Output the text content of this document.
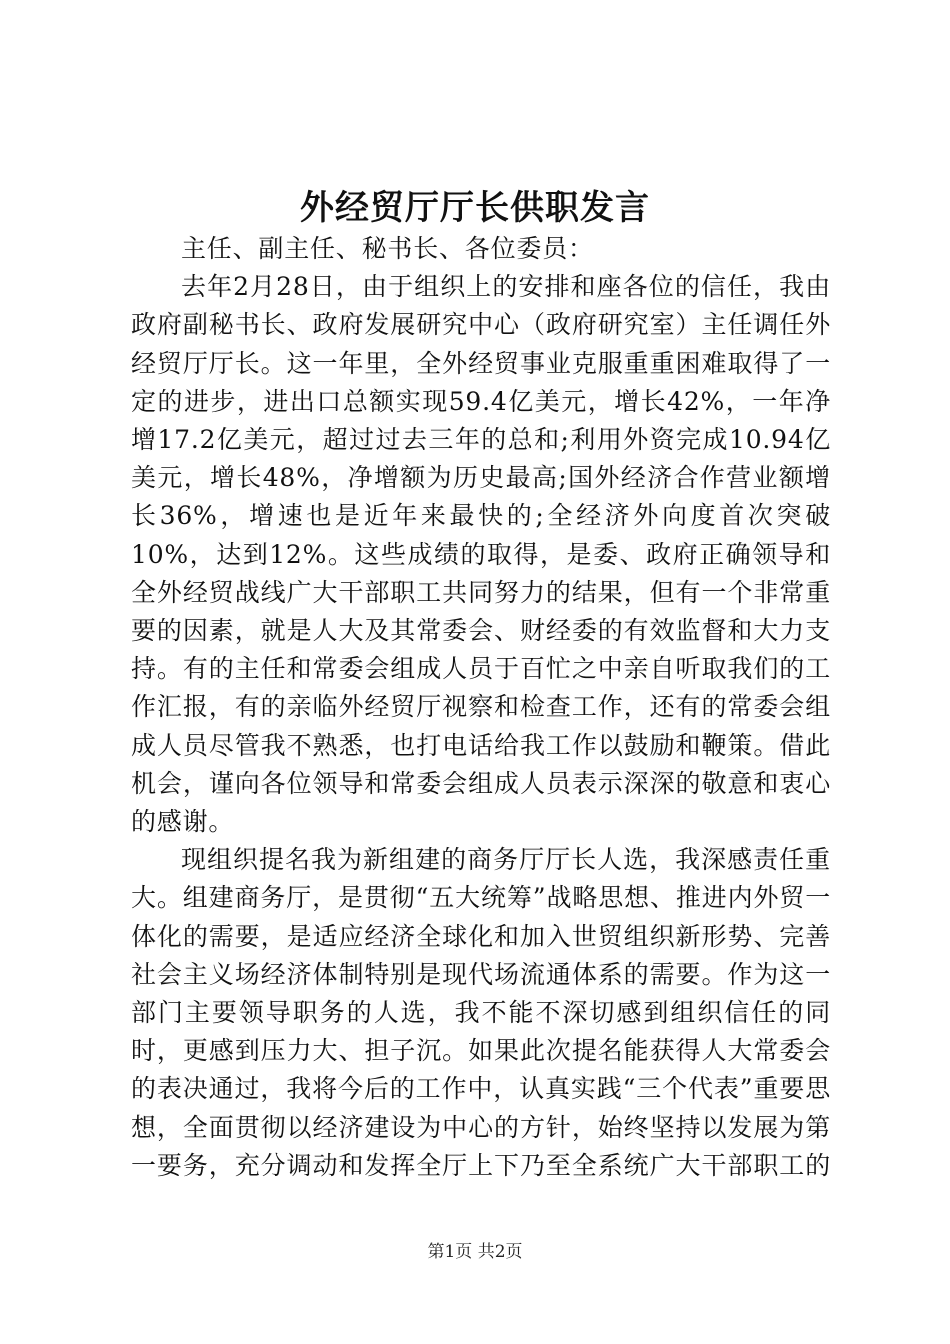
外经贸厅厅长供职发言

主任、副主任、秘书长、各位委员：

去年2月28日，由于组织上的安排和座各位的信任，我由政府副秘书长、政府发展研究中心（政府研究室）主任调任外经贸厅厅长。这一年里，全外经贸事业克服重重困难取得了一定的进步，进出口总额实现59.4亿美元，增长42%，一年净增17.2亿美元，超过过去三年的总和;利用外资完成10.94亿美元，增长48%，净增额为历史最高;国外经济合作营业额增长36%，增速也是近年来最快的;全经济外向度首次突破10%，达到12%。这些成绩的取得，是委、政府正确领导和全外经贸战线广大干部职工共同努力的结果，但有一个非常重要的因素，就是人大及其常委会、财经委的有效监督和大力支持。有的主任和常委会组成人员于百忙之中亲自听取我们的工作汇报，有的亲临外经贸厅视察和检查工作，还有的常委会组成人员尽管我不熟悉，也打电话给我工作以鼓励和鞭策。借此机会，谨向各位领导和常委会组成人员表示深深的敬意和衷心的感谢。

现组织提名我为新组建的商务厅厅长人选，我深感责任重大。组建商务厅，是贯彻“五大统筹”战略思想、推进内外贸一体化的需要，是适应经济全球化和加入世贸组织新形势、完善社会主义场经济体制特别是现代场流通体系的需要。作为这一部门主要领导职务的人选，我不能不深切感到组织信任的同时，更感到压力大、担子沉。如果此次提名能获得人大常委会的表决通过，我将今后的工作中，认真实践“三个代表”重要思想，全面贯彻以经济建设为中心的方针，始终坚持以发展为第一要务，充分调动和发挥全厅上下乃至全系统广大干部职工的

第1页 共2页
